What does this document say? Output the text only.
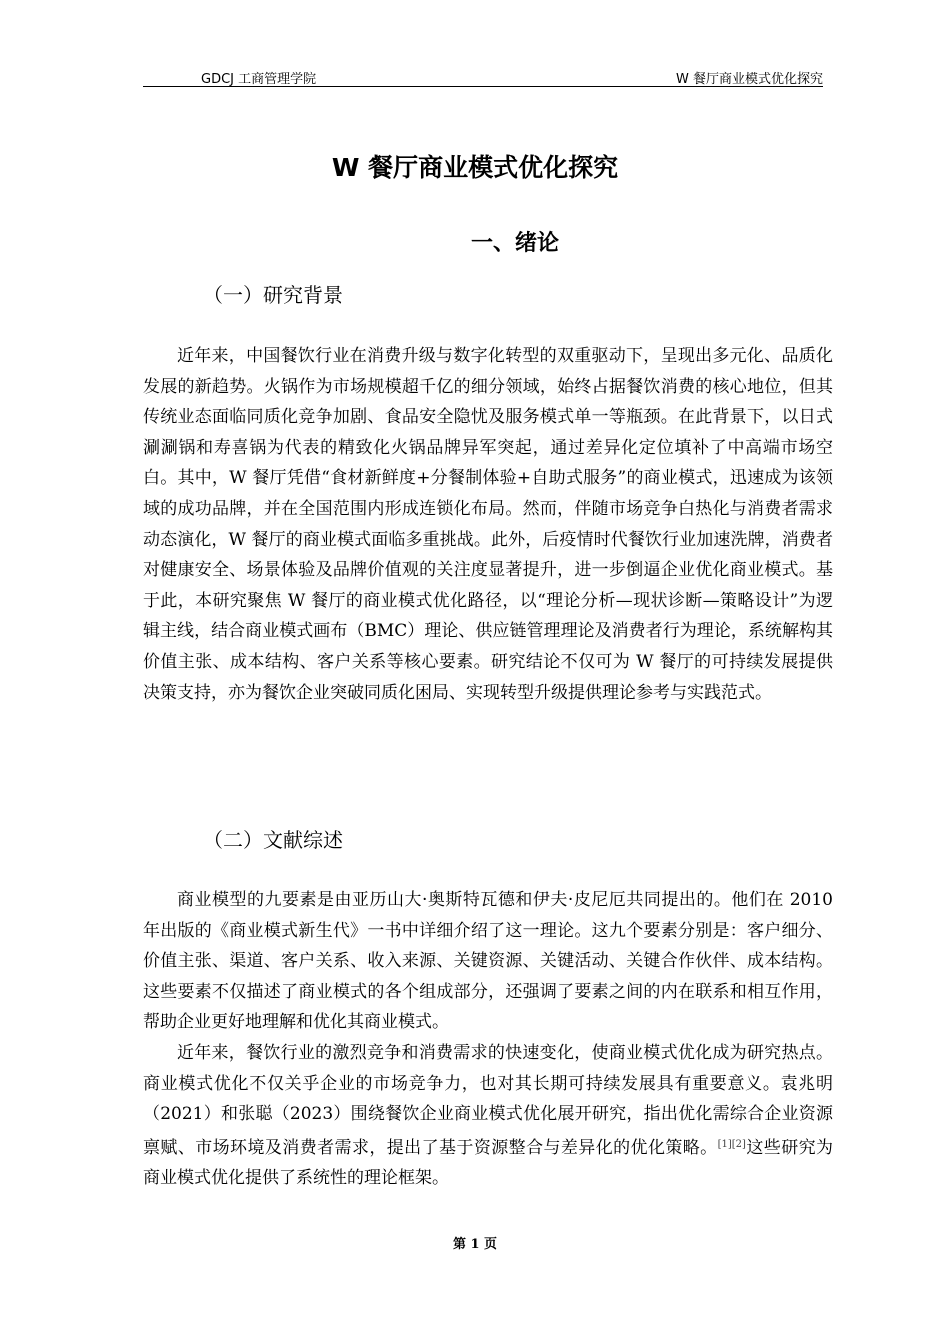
GDCJ 工商管理学院	W 餐厅商业模式优化探究
W 餐厅商业模式优化探究
一、绪论
（一）研究背景

近年来，中国餐饮行业在消费升级与数字化转型的双重驱动下，呈现出多元化、品质化发展的新趋势。火锅作为市场规模超千亿的细分领域，始终占据餐饮消费的核心地位，但其传统业态面临同质化竞争加剧、食品安全隐忧及服务模式单一等瓶颈。在此背景下，以日式涮涮锅和寿喜锅为代表的精致化火锅品牌异军突起，通过差异化定位填补了中高端市场空白。其中，W 餐厅凭借“食材新鲜度+分餐制体验+自助式服务”的商业模式，迅速成为该领域的成功品牌，并在全国范围内形成连锁化布局。然而，伴随市场竞争白热化与消费者需求动态演化，W 餐厅的商业模式面临多重挑战。此外，后疫情时代餐饮行业加速洗牌，消费者对健康安全、场景体验及品牌价值观的关注度显著提升，进一步倒逼企业优化商业模式。基于此，本研究聚焦 W 餐厅的商业模式优化路径，以“理论分析—现状诊断—策略设计”为逻辑主线，结合商业模式画布（BMC）理论、供应链管理理论及消费者行为理论，系统解构其价值主张、成本结构、客户关系等核心要素。研究结论不仅可为 W 餐厅的可持续发展提供决策支持，亦为餐饮企业突破同质化困局、实现转型升级提供理论参考与实践范式。

（二）文献综述

商业模型的九要素是由亚历山大·奥斯特瓦德和伊夫·皮尼厄共同提出的。他们在 2010 年出版的《商业模式新生代》一书中详细介绍了这一理论。这九个要素分别是：客户细分、价值主张、渠道、客户关系、收入来源、关键资源、关键活动、关键合作伙伴、成本结构。这些要素不仅描述了商业模式的各个组成部分，还强调了要素之间的内在联系和相互作用，帮助企业更好地理解和优化其商业模式。

近年来，餐饮行业的激烈竞争和消费需求的快速变化，使商业模式优化成为研究热点。商业模式优化不仅关乎企业的市场竞争力，也对其长期可持续发展具有重要意义。袁兆明（2021）和张聪（2023）围绕餐饮企业商业模式优化展开研究，指出优化需综合企业资源禀赋、市场环境及消费者需求，提出了基于资源整合与差异化的优化策略。[1][2]这些研究为商业模式优化提供了系统性的理论框架。

第 1 页
